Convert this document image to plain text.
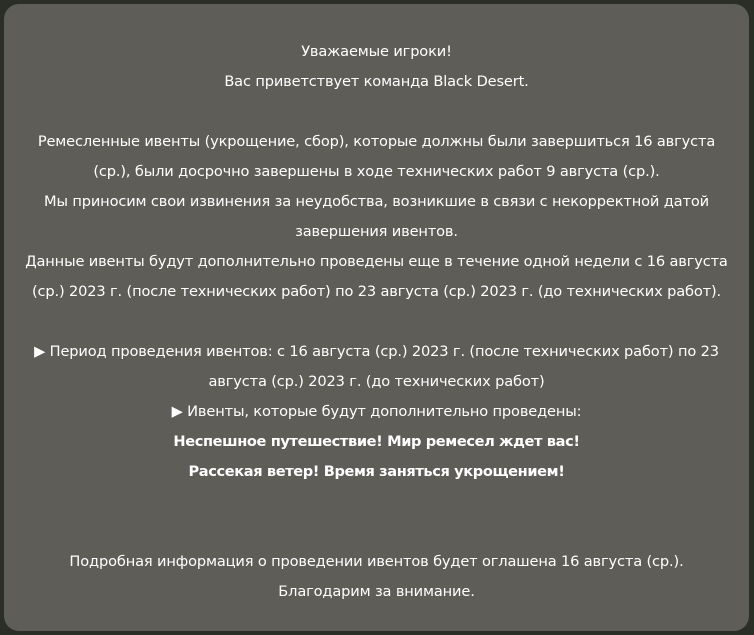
Уважаемые игроки!
Вас приветствует команда Black Desert.
Ремесленные ивенты (укрощение, сбор), которые должны были завершиться 16 августа
(ср.), были досрочно завершены в ходе технических работ 9 августа (ср.).
Мы приносим свои извинения за неудобства, возникшие в связи с некорректной датой
завершения ивентов.
Данные ивенты будут дополнительно проведены еще в течение одной недели с 16 августа
(ср.) 2023 г. (после технических работ) по 23 августа (ср.) 2023 г. (до технических работ).
▶ Период проведения ивентов: с 16 августа (ср.) 2023 г. (после технических работ) по 23
августа (ср.) 2023 г. (до технических работ)
▶ Ивенты, которые будут дополнительно проведены:
Неспешное путешествие! Мир ремесел ждет вас!
Рассекая ветер! Время заняться укрощением!
Подробная информация о проведении ивентов будет оглашена 16 августа (ср.).
Благодарим за внимание.
